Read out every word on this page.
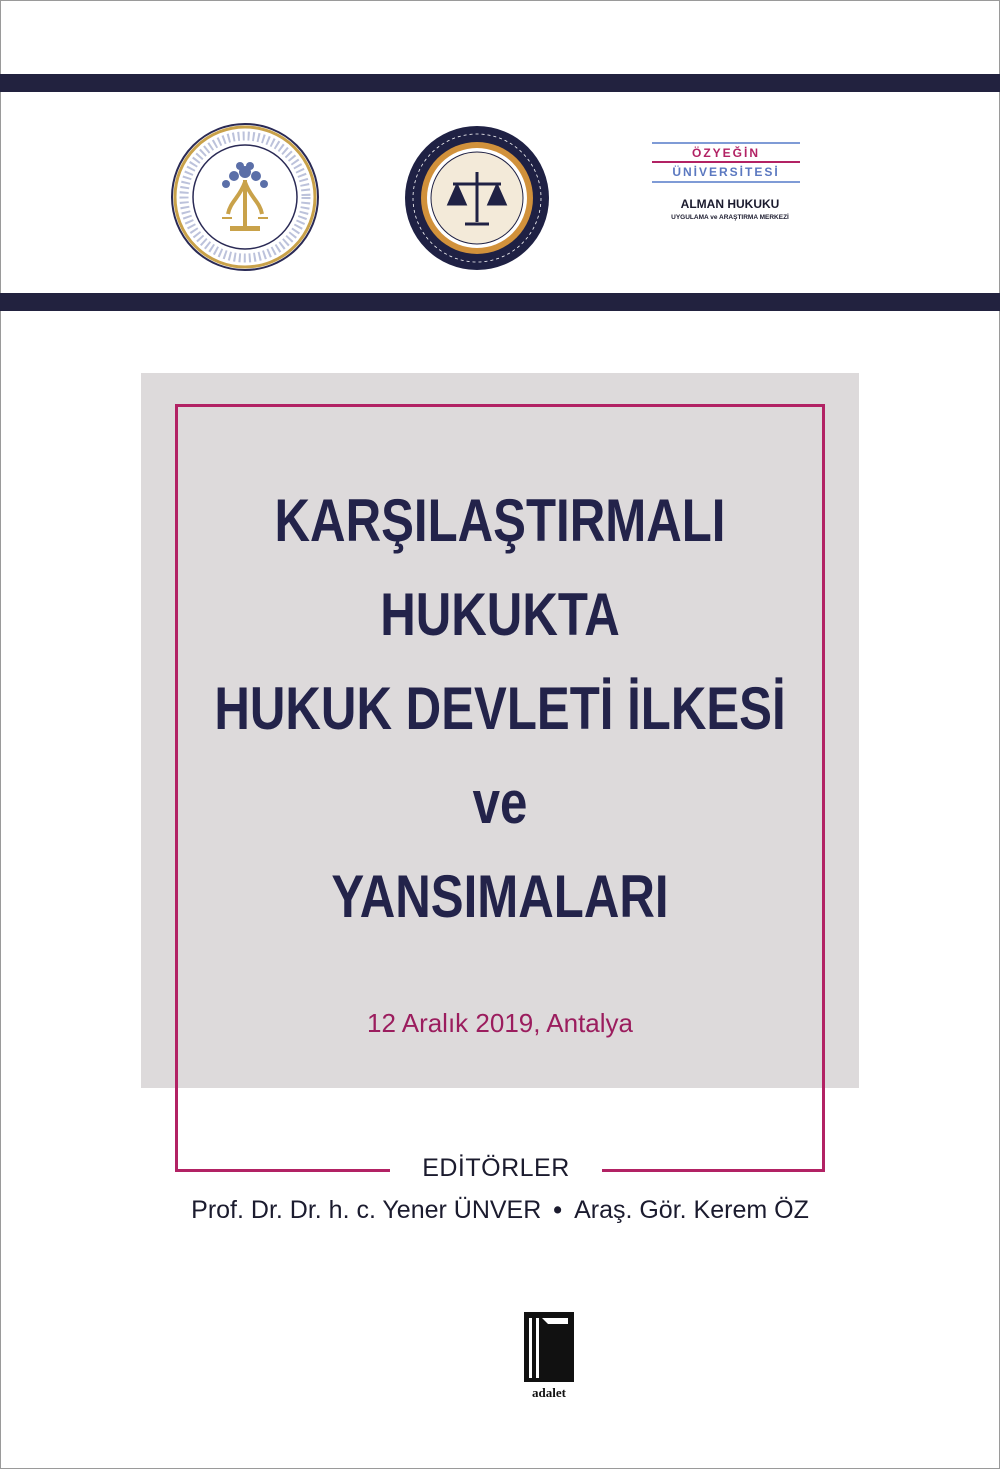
ÖZYEĞİN
ÜNİVERSİTESİ
ALMAN HUKUKU
UYGULAMA ve ARAŞTIRMA MERKEZİ
KARŞILAŞTIRMALI
HUKUKTA
HUKUK DEVLETİ İLKESİ
ve
YANSIMALARI
12 Aralık 2019, Antalya
EDİTÖRLER
Prof. Dr. Dr. h. c. Yener ÜNVER • Araş. Gör. Kerem ÖZ
adalet
